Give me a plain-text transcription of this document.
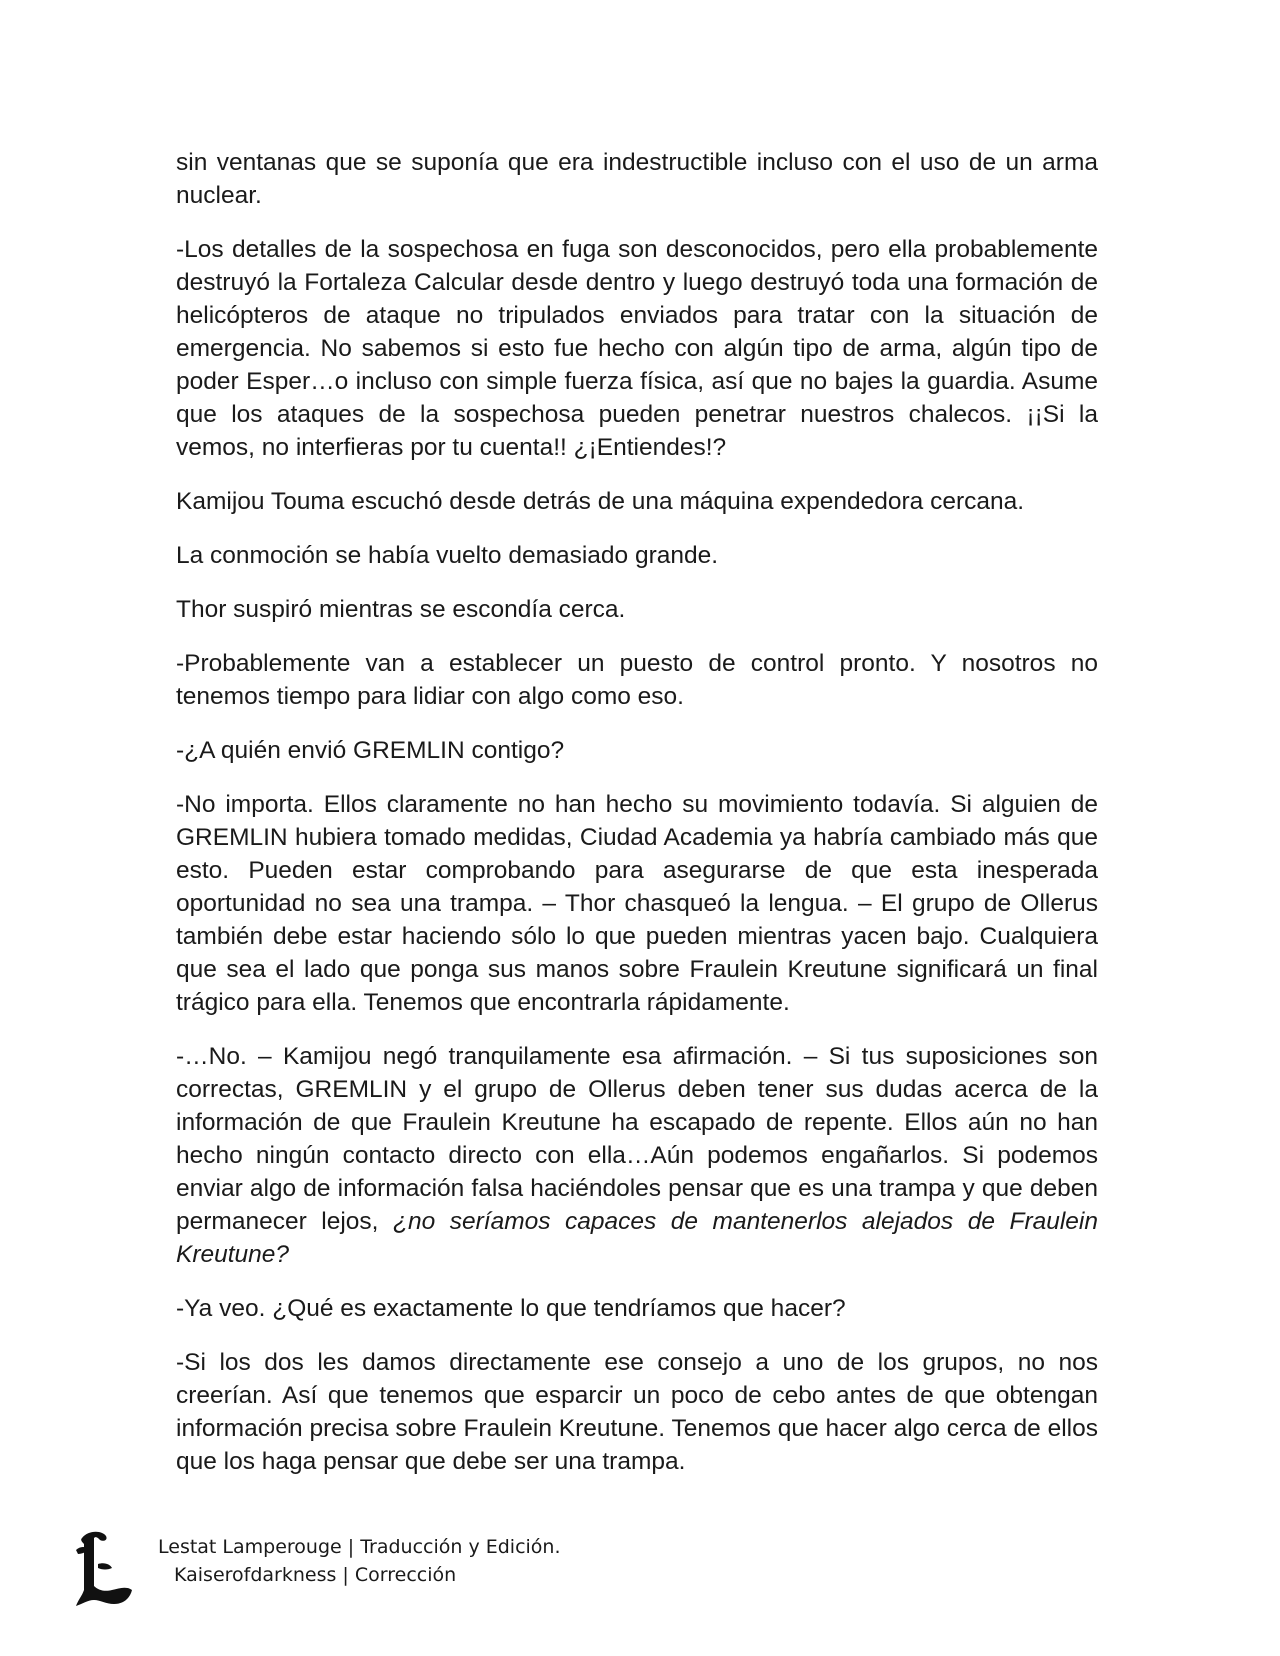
sin ventanas que se suponía que era indestructible incluso con el uso de un arma nuclear.

-Los detalles de la sospechosa en fuga son desconocidos, pero ella probablemente destruyó la Fortaleza Calcular desde dentro y luego destruyó toda una formación de helicópteros de ataque no tripulados enviados para tratar con la situación de emergencia. No sabemos si esto fue hecho con algún tipo de arma, algún tipo de poder Esper…o incluso con simple fuerza física, así que no bajes la guardia. Asume que los ataques de la sospechosa pueden penetrar nuestros chalecos. ¡¡Si la vemos, no interfieras por tu cuenta!! ¿¡Entiendes!?

Kamijou Touma escuchó desde detrás de una máquina expendedora cercana.

La conmoción se había vuelto demasiado grande.

Thor suspiró mientras se escondía cerca.

-Probablemente van a establecer un puesto de control pronto. Y nosotros no tenemos tiempo para lidiar con algo como eso.

-¿A quién envió GREMLIN contigo?

-No importa. Ellos claramente no han hecho su movimiento todavía. Si alguien de GREMLIN hubiera tomado medidas, Ciudad Academia ya habría cambiado más que esto. Pueden estar comprobando para asegurarse de que esta inesperada oportunidad no sea una trampa. – Thor chasqueó la lengua. – El grupo de Ollerus también debe estar haciendo sólo lo que pueden mientras yacen bajo. Cualquiera que sea el lado que ponga sus manos sobre Fraulein Kreutune significará un final trágico para ella. Tenemos que encontrarla rápidamente.

-…No. – Kamijou negó tranquilamente esa afirmación. – Si tus suposiciones son correctas, GREMLIN y el grupo de Ollerus deben tener sus dudas acerca de la información de que Fraulein Kreutune ha escapado de repente. Ellos aún no han hecho ningún contacto directo con ella…Aún podemos engañarlos. Si podemos enviar algo de información falsa haciéndoles pensar que es una trampa y que deben permanecer lejos, ¿no seríamos capaces de mantenerlos alejados de Fraulein Kreutune?

-Ya veo. ¿Qué es exactamente lo que tendríamos que hacer?

-Si los dos les damos directamente ese consejo a uno de los grupos, no nos creerían. Así que tenemos que esparcir un poco de cebo antes de que obtengan información precisa sobre Fraulein Kreutune. Tenemos que hacer algo cerca de ellos que los haga pensar que debe ser una trampa.

Lestat Lamperouge | Traducción y Edición.
Kaiserofdarkness | Corrección
